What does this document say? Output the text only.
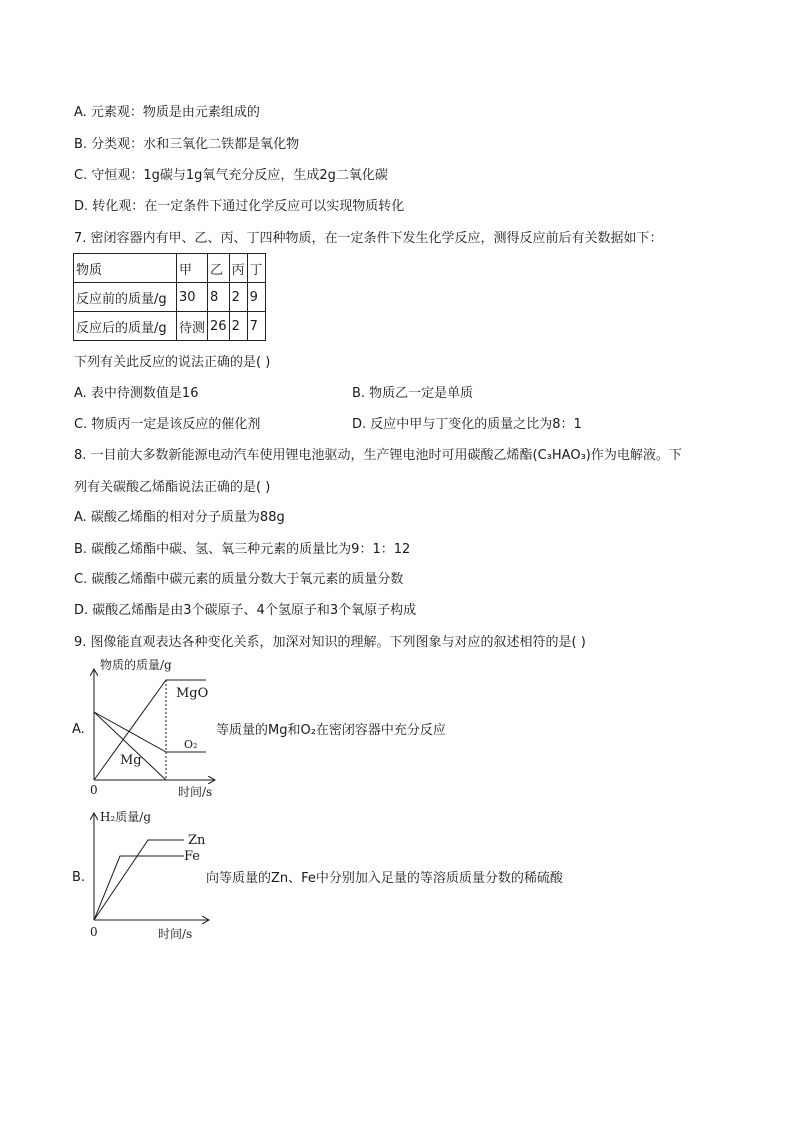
A. 元素观：物质是由元素组成的
B. 分类观：水和三氧化二铁都是氧化物
C. 守恒观：1g碳与1g氧气充分反应，生成2g二氧化碳
D. 转化观：在一定条件下通过化学反应可以实现物质转化
7. 密闭容器内有甲、乙、丙、丁四种物质，在一定条件下发生化学反应，测得反应前后有关数据如下：
物质	甲	乙	丙	丁
反应前的质量/g	30	8	2	9
反应后的质量/g	待测	26	2	7
下列有关此反应的说法正确的是( )
A. 表中待测数值是16	B. 物质乙一定是单质
C. 物质丙一定是该反应的催化剂	D. 反应中甲与丁变化的质量之比为8：1
8. 一目前大多数新能源电动汽车使用锂电池驱动，生产锂电池时可用碳酸乙烯酯(C₃HAO₃)作为电解液。下
列有关碳酸乙烯酯说法正确的是( )
A. 碳酸乙烯酯的相对分子质量为88g
B. 碳酸乙烯酯中碳、氢、氧三种元素的质量比为9：1：12
C. 碳酸乙烯酯中碳元素的质量分数大于氧元素的质量分数
D. 碳酸乙烯酯是由3个碳原子、4个氢原子和3个氧原子构成
9. 图像能直观表达各种变化关系，加深对知识的理解。下列图象与对应的叙述相符的是( )
A.
物质的质量/g
MgO
O₂
Mg
0	时间/s
等质量的Mg和O₂在密闭容器中充分反应
B.
H₂质量/g
Zn
Fe
0	时间/s
向等质量的Zn、Fe中分别加入足量的等溶质质量分数的稀硫酸
